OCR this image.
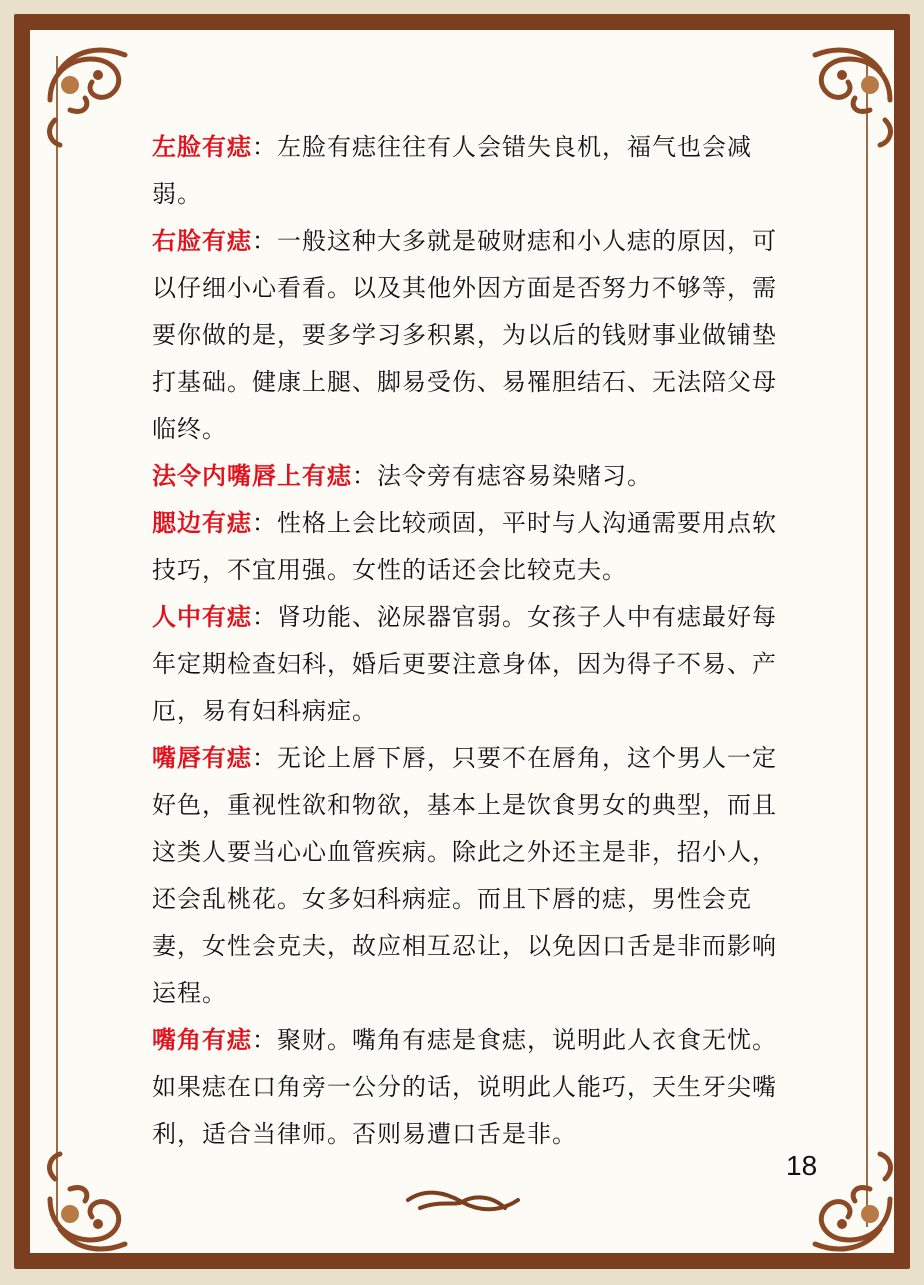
左脸有痣：左脸有痣往往有人会错失良机，福气也会减弱。

右脸有痣：一般这种大多就是破财痣和小人痣的原因，可以仔细小心看看。以及其他外因方面是否努力不够等，需要你做的是，要多学习多积累，为以后的钱财事业做铺垫打基础。健康上腿、脚易受伤、易罹胆结石、无法陪父母临终。

法令内嘴唇上有痣：法令旁有痣容易染赌习。

腮边有痣：性格上会比较顽固，平时与人沟通需要用点软技巧，不宜用强。女性的话还会比较克夫。

人中有痣：肾功能、泌尿器官弱。女孩子人中有痣最好每年定期检查妇科，婚后更要注意身体，因为得子不易、产厄，易有妇科病症。

嘴唇有痣：无论上唇下唇，只要不在唇角，这个男人一定好色，重视性欲和物欲，基本上是饮食男女的典型，而且这类人要当心心血管疾病。除此之外还主是非，招小人，还会乱桃花。女多妇科病症。而且下唇的痣，男性会克妻，女性会克夫，故应相互忍让，以免因口舌是非而影响运程。

嘴角有痣：聚财。嘴角有痣是食痣，说明此人衣食无忧。如果痣在口角旁一公分的话，说明此人能巧，天生牙尖嘴利，适合当律师。否则易遭口舌是非。

18
